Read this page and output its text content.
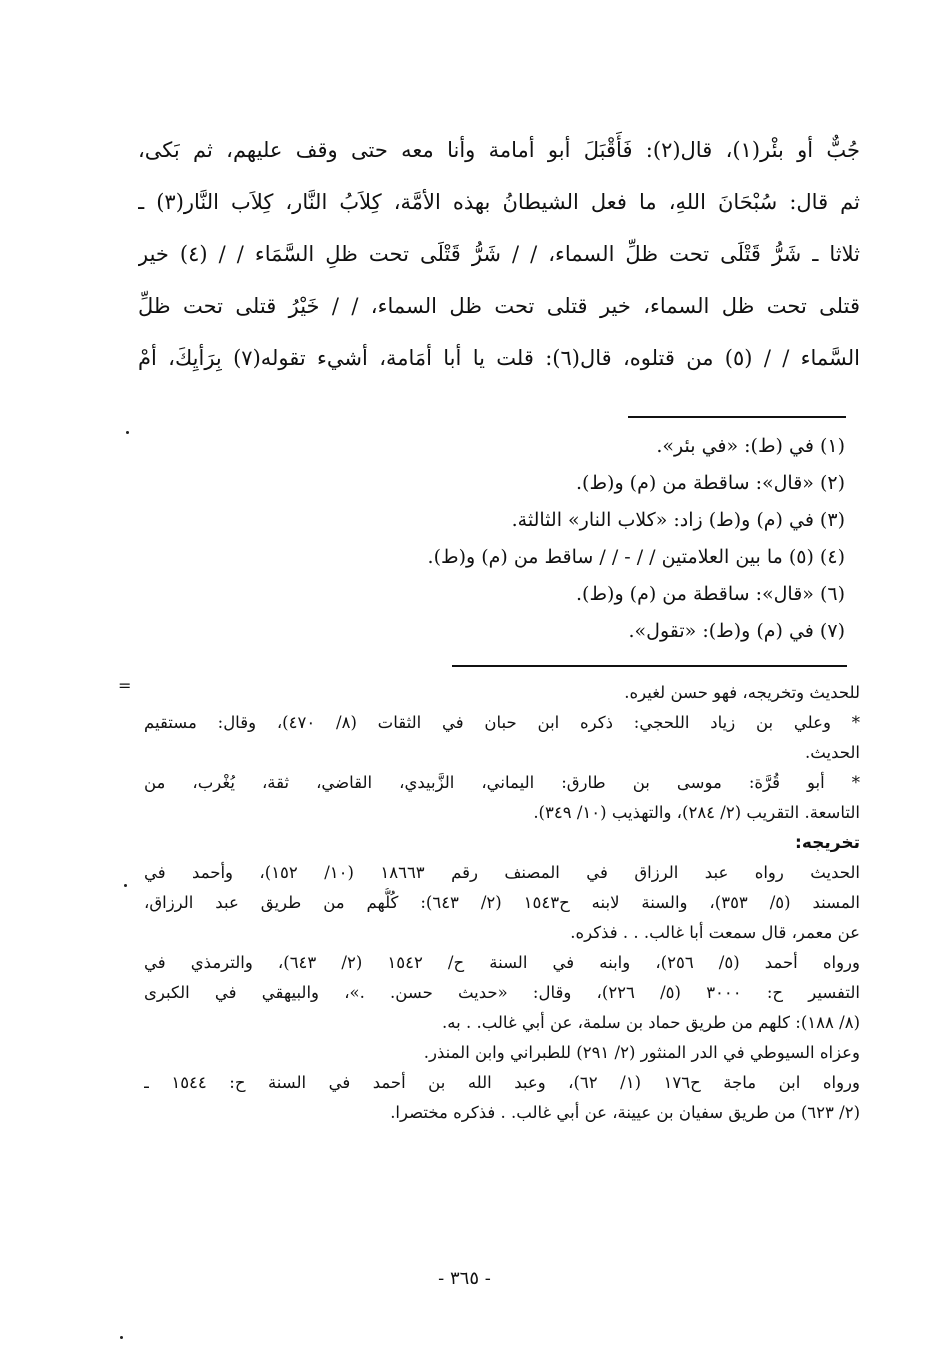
جُبٌّ أو بئْر(١)، قال(٢): فَأَقْبَلَ أبو أمامة وأنا معه حتى وقف عليهم، ثم بَكى،
ثم قال: سُبْحَانَ اللهِ، ما فعل الشيطانُ بهذه الأمَّة، كِلاَبُ النَّار، كِلاَب النَّار(٣) ـ
ثلاثا ـ شَرُّ قَتْلَى تحت ظلِّ السماء، / / شَرُّ قَتْلَى تحت ظلِ السَّمَاء / / (٤) خير
قتلى تحت ظل السماء، خير قتلى تحت ظل السماء، / / خَيْرُ قتلى تحت ظلِّ
السَّماء / / (٥) من قتلوه، قال(٦): قلت يا أبا أمَامة، أشيء تقوله(٧) بِرَأيِكَ، أمْ
(١) في (ط): «في بئر».
(٢) «قال»: ساقطة من (م) و(ط).
(٣) في (م) و(ط) زاد: «كلاب النار» الثالثة.
(٤) (٥) ما بين العلامتين / / - / / ساقط من (م) و(ط).
(٦) «قال»: ساقطة من (م) و(ط).
(٧) في (م) و(ط): «تقول».
=	للحديث وتخريجه، فهو حسن لغيره.
* وعلي بن زياد اللحجي: ذكره ابن حبان في الثقات (٨/ ٤٧٠)، وقال: مستقيم
الحديث.
* أبو قُرَّة: موسى بن طارق: اليماني، الزَّبيدي، القاضي، ثقة، يُغْرب، من
التاسعة. التقريب (٢/ ٢٨٤)، والتهذيب (١٠/ ٣٤٩).
تخريجه:
الحديث رواه عبد الرزاق في المصنف رقم ١٨٦٦٣ (١٠/ ١٥٢)، وأحمد في
المسند (٥/ ٣٥٣)، والسنة لابنه ح١٥٤٣ (٢/ ٦٤٣): كُلُّهم من طريق عبد الرزاق،
عن معمر، قال سمعت أبا غالب. . . فذكره.
ورواه أحمد (٥/ ٢٥٦)، وابنه في السنة ح/ ١٥٤٢ (٢/ ٦٤٣)، والترمذي في
التفسير ح: ٣٠٠٠ (٥/ ٢٢٦)، وقال: «حديث حسن. .»، والبيهقي في الكبرى
(٨/ ١٨٨): كلهم من طريق حماد بن سلمة، عن أبي غالب. . به.
وعزاه السيوطي في الدر المنثور (٢/ ٢٩١) للطبراني وابن المنذر.
ورواه ابن ماجة ح١٧٦ (١/ ٦٢)، وعبد الله بن أحمد في السنة ح: ١٥٤٤ ـ
(٢/ ٦٢٣) من طريق سفيان بن عيينة، عن أبي غالب. . فذكره مختصرا.
- ٣٦٥ -
